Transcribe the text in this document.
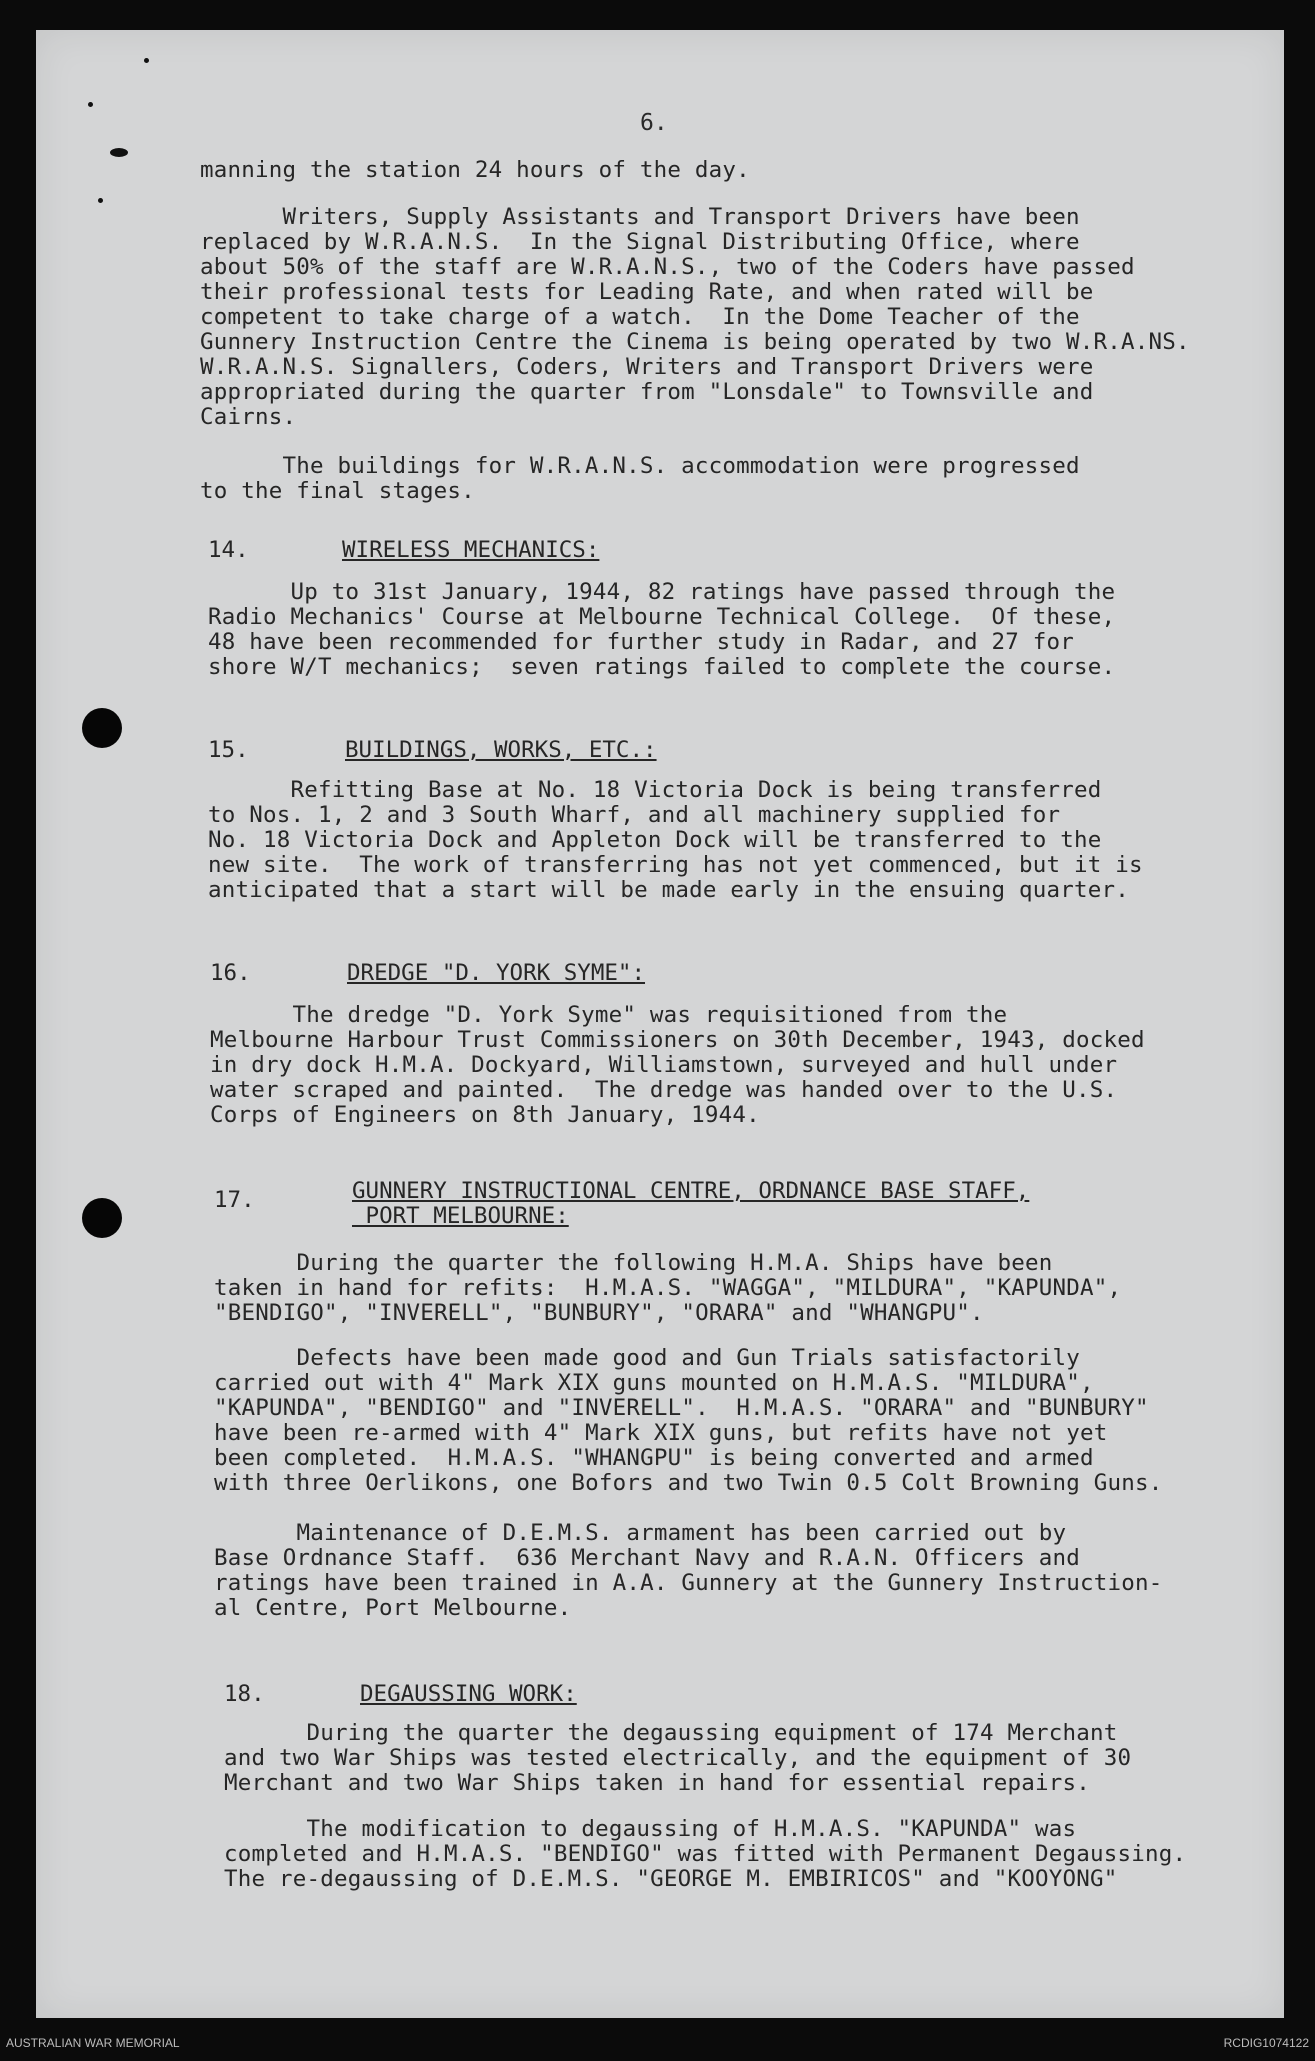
6.
manning the station 24 hours of the day.
Writers, Supply Assistants and Transport Drivers have been
replaced by W.R.A.N.S.  In the Signal Distributing Office, where
about 50% of the staff are W.R.A.N.S., two of the Coders have passed
their professional tests for Leading Rate, and when rated will be
competent to take charge of a watch.  In the Dome Teacher of the
Gunnery Instruction Centre the Cinema is being operated by two W.R.A.NS.
W.R.A.N.S. Signallers, Coders, Writers and Transport Drivers were
appropriated during the quarter from "Lonsdale" to Townsville and
Cairns.
The buildings for W.R.A.N.S. accommodation were progressed
to the final stages.
14.	WIRELESS MECHANICS:
Up to 31st January, 1944, 82 ratings have passed through the
Radio Mechanics' Course at Melbourne Technical College.  Of these,
48 have been recommended for further study in Radar, and 27 for
shore W/T mechanics;  seven ratings failed to complete the course.
15.	BUILDINGS, WORKS, ETC.:
Refitting Base at No. 18 Victoria Dock is being transferred
to Nos. 1, 2 and 3 South Wharf, and all machinery supplied for
No. 18 Victoria Dock and Appleton Dock will be transferred to the
new site.  The work of transferring has not yet commenced, but it is
anticipated that a start will be made early in the ensuing quarter.
16.	DREDGE "D. YORK SYME":
The dredge "D. York Syme" was requisitioned from the
Melbourne Harbour Trust Commissioners on 30th December, 1943, docked
in dry dock H.M.A. Dockyard, Williamstown, surveyed and hull under
water scraped and painted.  The dredge was handed over to the U.S.
Corps of Engineers on 8th January, 1944.
17.	GUNNERY INSTRUCTIONAL CENTRE, ORDNANCE BASE STAFF,
PORT MELBOURNE:
During the quarter the following H.M.A. Ships have been
taken in hand for refits:  H.M.A.S. "WAGGA", "MILDURA", "KAPUNDA",
"BENDIGO", "INVERELL", "BUNBURY", "ORARA" and "WHANGPU".
Defects have been made good and Gun Trials satisfactorily
carried out with 4" Mark XIX guns mounted on H.M.A.S. "MILDURA",
"KAPUNDA", "BENDIGO" and "INVERELL".  H.M.A.S. "ORARA" and "BUNBURY"
have been re-armed with 4" Mark XIX guns, but refits have not yet
been completed.  H.M.A.S. "WHANGPU" is being converted and armed
with three Oerlikons, one Bofors and two Twin 0.5 Colt Browning Guns.
Maintenance of D.E.M.S. armament has been carried out by
Base Ordnance Staff.  636 Merchant Navy and R.A.N. Officers and
ratings have been trained in A.A. Gunnery at the Gunnery Instruction-
al Centre, Port Melbourne.
18.	DEGAUSSING WORK:
During the quarter the degaussing equipment of 174 Merchant
and two War Ships was tested electrically, and the equipment of 30
Merchant and two War Ships taken in hand for essential repairs.
The modification to degaussing of H.M.A.S. "KAPUNDA" was
completed and H.M.A.S. "BENDIGO" was fitted with Permanent Degaussing.
The re-degaussing of D.E.M.S. "GEORGE M. EMBIRICOS" and "KOOYONG"
AUSTRALIAN WAR MEMORIAL	RCDIG1074122
